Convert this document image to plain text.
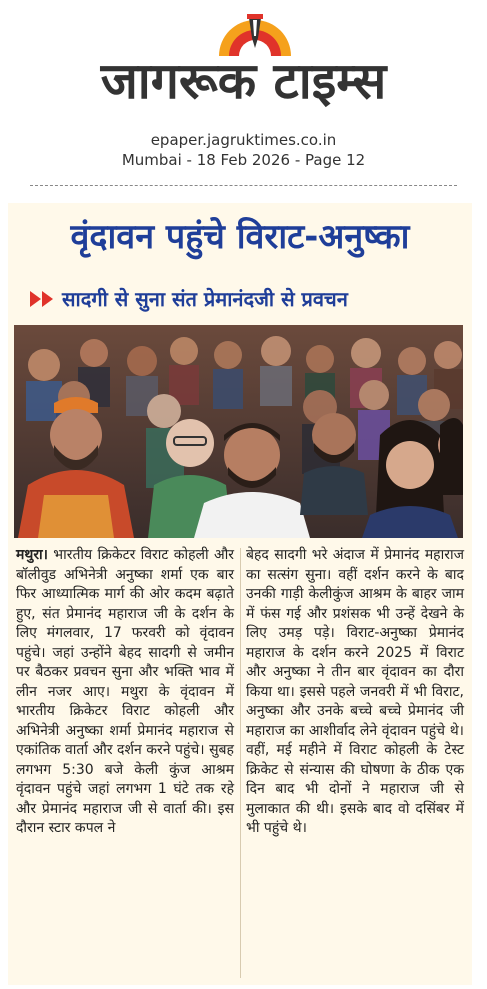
जागरूक टाइम्स
epaper.jagruktimes.co.in
Mumbai - 18 Feb 2026 - Page 12
वृंदावन पहुंचे विराट-अनुष्का
सादगी से सुना संत प्रेमानंदजी से प्रवचन
मथुरा। भारतीय क्रिकेटर विराट कोहली और बॉलीवुड अभिनेत्री अनुष्का शर्मा एक बार फिर आध्यात्मिक मार्ग की ओर कदम बढ़ाते हुए, संत प्रेमानंद महाराज जी के दर्शन के लिए मंगलवार, 17 फरवरी को वृंदावन पहुंचे। जहां उन्होंने बेहद सादगी से जमीन पर बैठकर प्रवचन सुना और भक्ति भाव में लीन नजर आए। मथुरा के वृंदावन में भारतीय क्रिकेटर विराट कोहली और अभिनेत्री अनुष्का शर्मा प्रेमानंद महाराज से एकांतिक वार्ता और दर्शन करने पहुंचे। सुबह लगभग 5:30 बजे केली कुंज आश्रम वृंदावन पहुंचे जहां लगभग 1 घंटे तक रहे और प्रेमानंद महाराज जी से वार्ता की। इस दौरान स्टार कपल ने
बेहद सादगी भरे अंदाज में प्रेमानंद महाराज का सत्संग सुना। वहीं दर्शन करने के बाद उनकी गाड़ी केलीकुंज आश्रम के बाहर जाम में फंस गई और प्रशंसक भी उन्हें देखने के लिए उमड़ पड़े। विराट-अनुष्का प्रेमानंद महाराज के दर्शन करने 2025 में विराट और अनुष्का ने तीन बार वृंदावन का दौरा किया था। इससे पहले जनवरी में भी विराट, अनुष्का और उनके बच्चे बच्चे प्रेमानंद जी महाराज का आशीर्वाद लेने वृंदावन पहुंचे थे। वहीं, मई महीने में विराट कोहली के टेस्ट क्रिकेट से संन्यास की घोषणा के ठीक एक दिन बाद भी दोनों ने महाराज जी से मुलाकात की थी। इसके बाद वो दसिंबर में भी पहुंचे थे।
